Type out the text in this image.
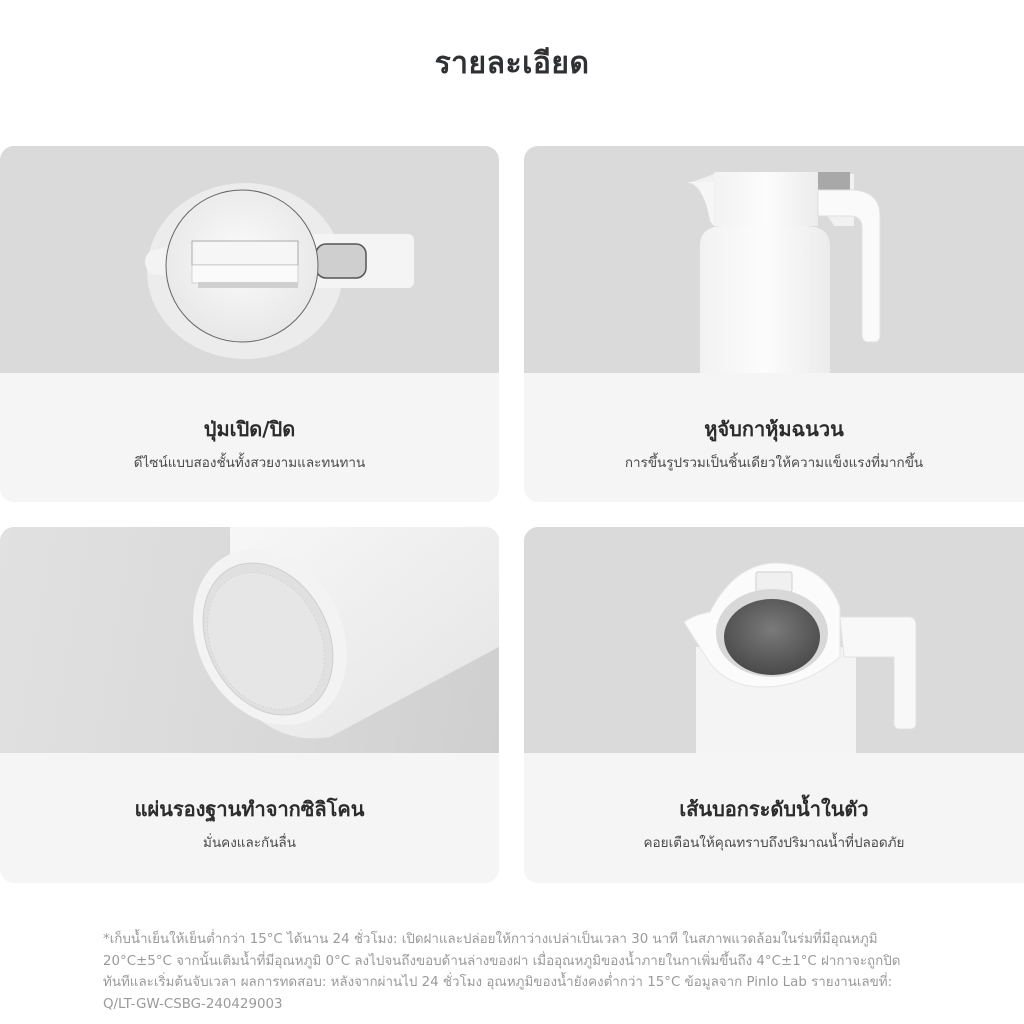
รายละเอียด
ปุ่มเปิด/ปิด
ดีไซน์แบบสองชั้นทั้งสวยงามและทนทาน
หูจับกาหุ้มฉนวน
การขึ้นรูปรวมเป็นชิ้นเดียวให้ความแข็งแรงที่มากขึ้น
แผ่นรองฐานทำจากซิลิโคน
มั่นคงและกันลื่น
เส้นบอกระดับน้ำในตัว
คอยเตือนให้คุณทราบถึงปริมาณน้ำที่ปลอดภัย
*เก็บน้ำเย็นให้เย็นต่ำกว่า 15°C ได้นาน 24 ชั่วโมง: เปิดฝาและปล่อยให้กาว่างเปล่าเป็นเวลา 30 นาที ในสภาพแวดล้อมในร่มที่มีอุณหภูมิ
20°C±5°C จากนั้นเติมน้ำที่มีอุณหภูมิ 0°C ลงไปจนถึงขอบด้านล่างของฝา เมื่ออุณหภูมิของน้ำภายในกาเพิ่มขึ้นถึง 4°C±1°C ฝากาจะถูกปิด
ทันทีและเริ่มต้นจับเวลา ผลการทดสอบ: หลังจากผ่านไป 24 ชั่วโมง อุณหภูมิของน้ำยังคงต่ำกว่า 15°C ข้อมูลจาก Pinlo Lab รายงานเลขที่:
Q/LT-GW-CSBG-240429003
